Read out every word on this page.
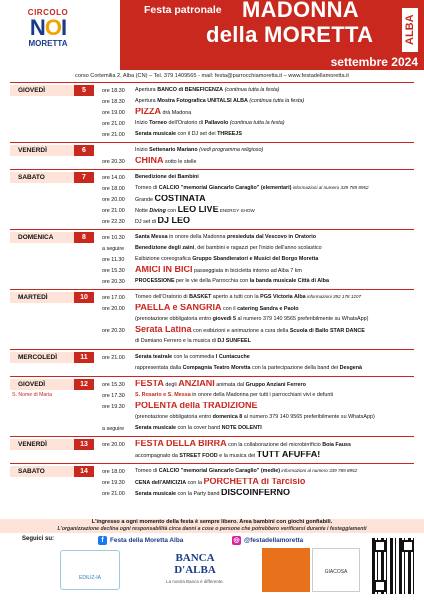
CIRCOLO
NOI
MORETTA
Festa patronale MADONNA
della MORETTA	ALBA
settembre 2024
corso Cortemilia 2, Alba (CN) – Tel. 379 1409565 - mail: festa@parrocchiamoretta.it – www.festadellamoretta.it
GIOVEDÌ	5	ore 18.30	Apertura BANCO di BENEFICENZA (continua tutta la festa)
ore 18.30	Apertura Mostra Fotografica UNITALSI ALBA (continua tutta la festa)
ore 19.00	PIZZA drà Madona
ore 21.00	Inizio Torneo dell'Oratorio di Pallavolo (continua tutta la festa)
ore 21.00	Serata musicale con il DJ set dei THREEJS
VENERDÌ	6	Inizio Settenario Mariano (vedi programma religioso)
ore 20.30	CHINA sotto le stelle
SABATO	7	ore 14.00	Benedizione dei Bambini
ore 18.00	Torneo di CALCIO "memorial Giancarlo Caraglio" (elementari) informazioni al numero 339 789 8952
ore 20.00	Grande COSTINATA
ore 21.00	Notte Diving con LEO LIVE ENERGY SHOW
ore 22.30	DJ set di DJ LEO
DOMENICA	8	ore 10.30	Santa Messa in onore della Madonna presieduta dal Vescovo in Oratorio
a seguire	Benedizione degli zaini, dei bambini e ragazzi per l'inizio dell'anno scolastico
ore 11.30	Esibizione coreografica Gruppo Sbandieratori e Musici del Borgo Moretta
ore 15.30	AMICI IN BICI passeggiata in bicicletta intorno ad Alba 7 km
ore 20.30	PROCESSIONE per le vie della Parrocchia con la banda musicale Città di Alba
MARTEDÌ	10	ore 17.00	Torneo dell'Oratorio di BASKET aperto a tutti con la PGS Victoria Alba informazioni 392 178 1207
ore 20.00	PAELLA e SANGRIA con il catering Sandra e Paolo
(prenotazione obbligatoria entro giovedì 5 al numero 379 140 9565 preferibilmente su WhatsApp)
ore 20.30	Serata Latina con esibizioni e animazione a cura della Scuola di Ballo STAR DANCE
di Damiano Ferrero e la musica di DJ SUNFEEL
MERCOLEDÌ	11	ore 21.00	Serata teatrale con la commedia I Cuntacuche
rappresentata dalla Compagnia Teatro Moretta con la partecipazione della band dei Desgenà
GIOVEDÌ	12
S. Nome di Maria
ore 15.30	FESTA degli ANZIANI animata dal Gruppo Anziani Ferrero
ore 17.30	S. Rosario e S. Messa in onore della Madonna per tutti i parrocchiani vivi e defunti
ore 19.30	POLENTA della TRADIZIONE
(prenotazione obbligatoria entro domenica 8 al numero 379 140 9565 preferibilmente su WhatsApp)
a seguire	Serata musicale con la cover band NOTE DOLENTI
VENERDÌ	13	ore 20.00	FESTA DELLA BIRRA con la collaborazione del microbirrificio Boia Fauss
accompagnato da STREET FOOD e la musica dei TUTT AFUFFA!
SABATO	14	ore 18.00	Torneo di CALCIO "memorial Giancarlo Caraglio" (medie) informazioni al numero 339 789 8952
ore 19.30	CENA dell'AMICIZIA con la PORCHETTA di Tarcisio
ore 21.00	Serata musicale con la Party band DISCOINFERNO
L'ingresso a ogni momento della festa è sempre libero. Area bambini con giochi gonfiabili.
L'organizzazione declina ogni responsabilità circa danni a cose o persone che potrebbero verificarsi durante i festeggiamenti
Seguici su:	f Festa della Moretta Alba	◎ @festadellamoretta
EDILIZ-IA
BANCA D'ALBA
La nostra Banca è differente.
GIACOSA
